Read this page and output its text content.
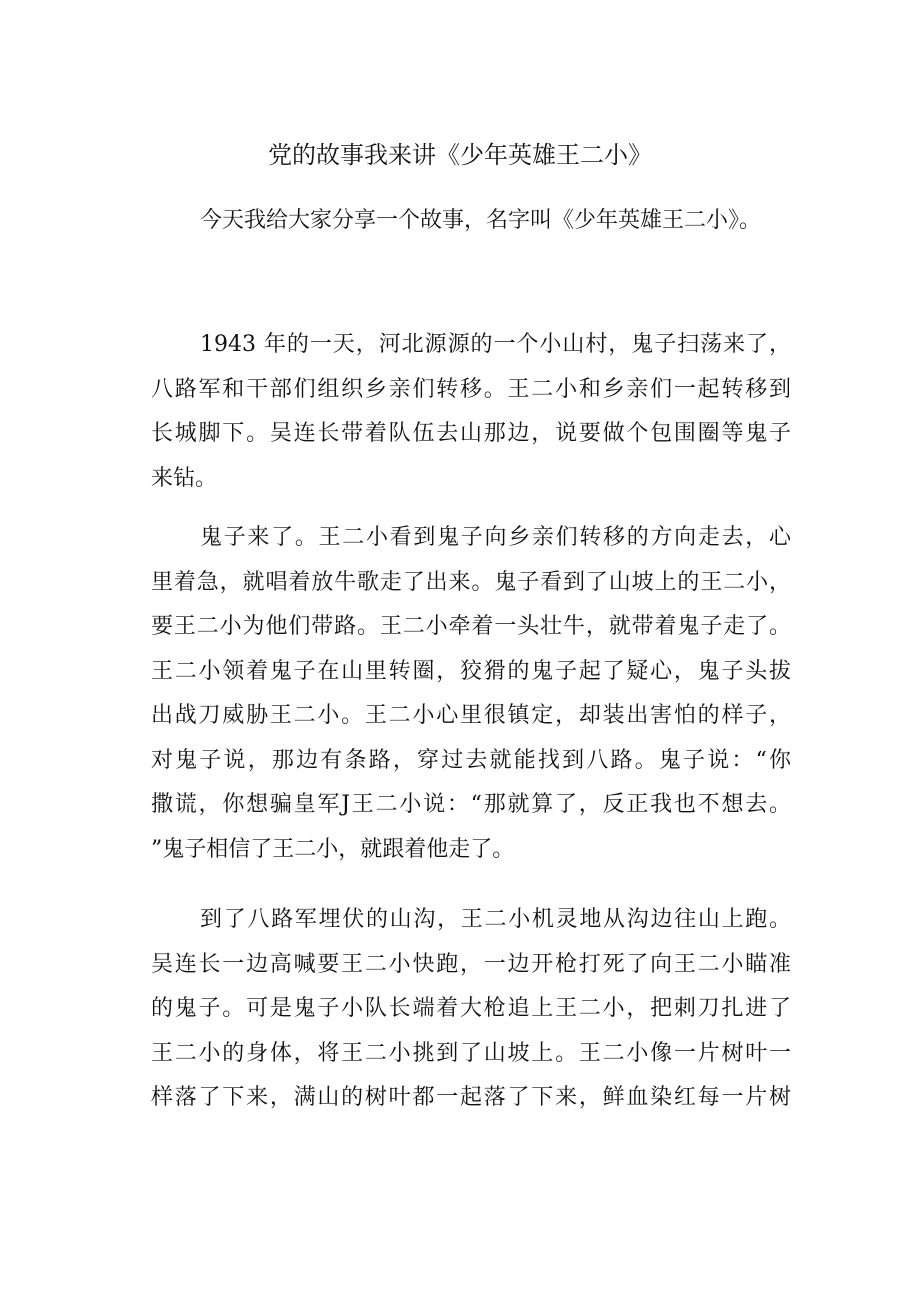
党的故事我来讲《少年英雄王二小》
今天我给大家分享一个故事，名字叫《少年英雄王二小》。
1943 年的一天，河北源源的一个小山村，鬼子扫荡来了，
八路军和干部们组织乡亲们转移。王二小和乡亲们一起转移到
长城脚下。吴连长带着队伍去山那边，说要做个包围圈等鬼子
来钻。
鬼子来了。王二小看到鬼子向乡亲们转移的方向走去，心
里着急，就唱着放牛歌走了出来。鬼子看到了山坡上的王二小，
要王二小为他们带路。王二小牵着一头壮牛，就带着鬼子走了。
王二小领着鬼子在山里转圈，狡猾的鬼子起了疑心，鬼子头拔
出战刀威胁王二小。王二小心里很镇定，却装出害怕的样子，
对鬼子说，那边有条路，穿过去就能找到八路。鬼子说：“你
撒谎，你想骗皇军J王二小说：“那就算了，反正我也不想去。
”鬼子相信了王二小，就跟着他走了。
到了八路军埋伏的山沟，王二小机灵地从沟边往山上跑。
吴连长一边高喊要王二小快跑，一边开枪打死了向王二小瞄准
的鬼子。可是鬼子小队长端着大枪追上王二小，把刺刀扎进了
王二小的身体，将王二小挑到了山坡上。王二小像一片树叶一
样落了下来，满山的树叶都一起落了下来，鲜血染红每一片树
